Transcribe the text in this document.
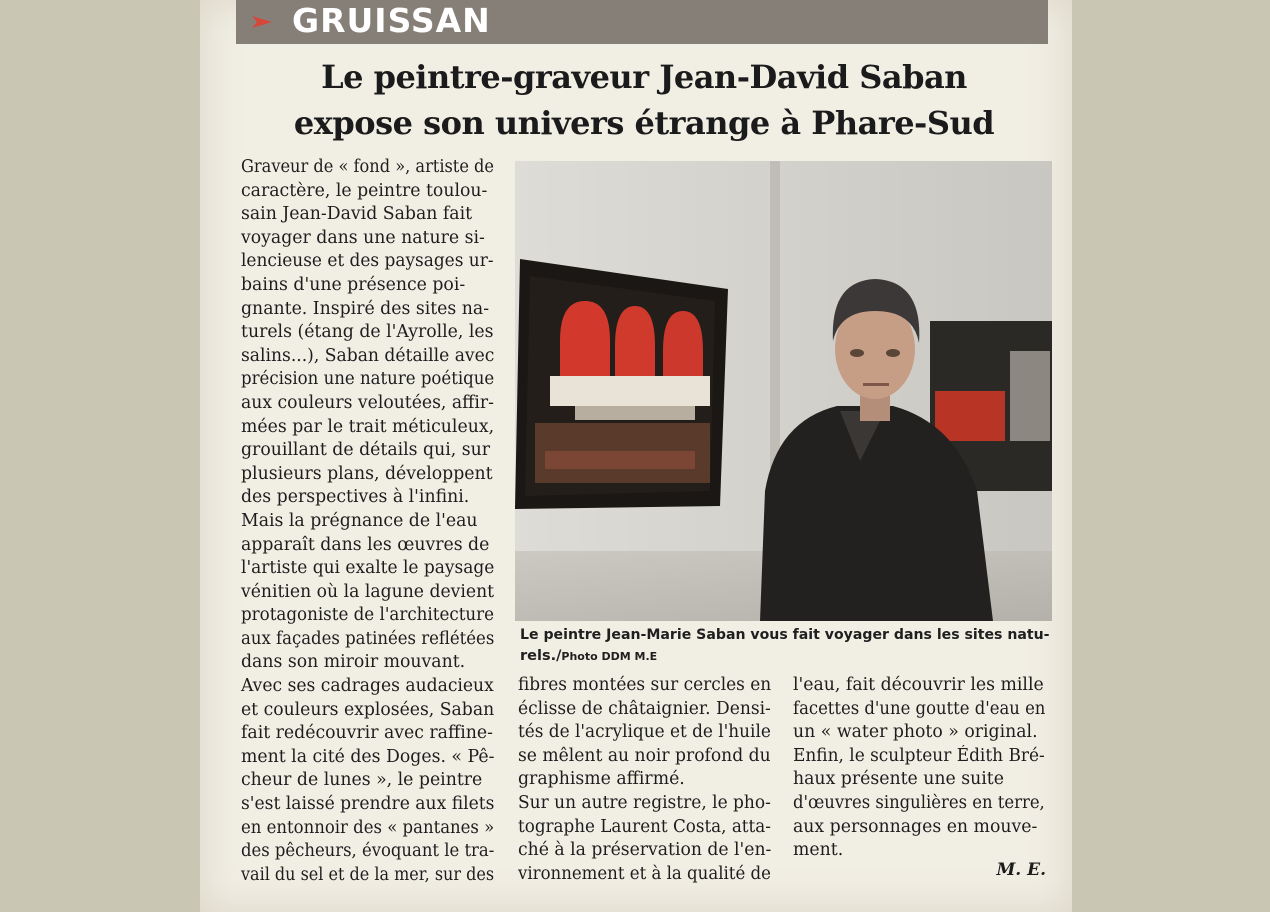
GRUISSAN
Le peintre-graveur Jean-David Saban
expose son univers étrange à Phare-Sud
Graveur de « fond », artiste de
caractère, le peintre toulou-
sain Jean-David Saban fait
voyager dans une nature si-
lencieuse et des paysages ur-
bains d'une présence poi-
gnante. Inspiré des sites na-
turels (étang de l'Ayrolle, les
salins...), Saban détaille avec
précision une nature poétique
aux couleurs veloutées, affir-
mées par le trait méticuleux,
grouillant de détails qui, sur
plusieurs plans, développent
des perspectives à l'infini.
Mais la prégnance de l'eau
apparaît dans les œuvres de
l'artiste qui exalte le paysage
vénitien où la lagune devient
protagoniste de l'architecture
aux façades patinées reflétées
dans son miroir mouvant.
Avec ses cadrages audacieux
et couleurs explosées, Saban
fait redécouvrir avec raffine-
ment la cité des Doges. « Pê-
cheur de lunes », le peintre
s'est laissé prendre aux filets
en entonnoir des « pantanes »
des pêcheurs, évoquant le tra-
vail du sel et de la mer, sur des
Le peintre Jean-Marie Saban vous fait voyager dans les sites natu-
rels./Photo DDM M.E
fibres montées sur cercles en
éclisse de châtaignier. Densi-
tés de l'acrylique et de l'huile
se mêlent au noir profond du
graphisme affirmé.
Sur un autre registre, le pho-
tographe Laurent Costa, atta-
ché à la préservation de l'en-
vironnement et à la qualité de
l'eau, fait découvrir les mille
facettes d'une goutte d'eau en
un « water photo » original.
Enfin, le sculpteur Édith Bré-
haux présente une suite
d'œuvres singulières en terre,
aux personnages en mouve-
ment.
M. E.
